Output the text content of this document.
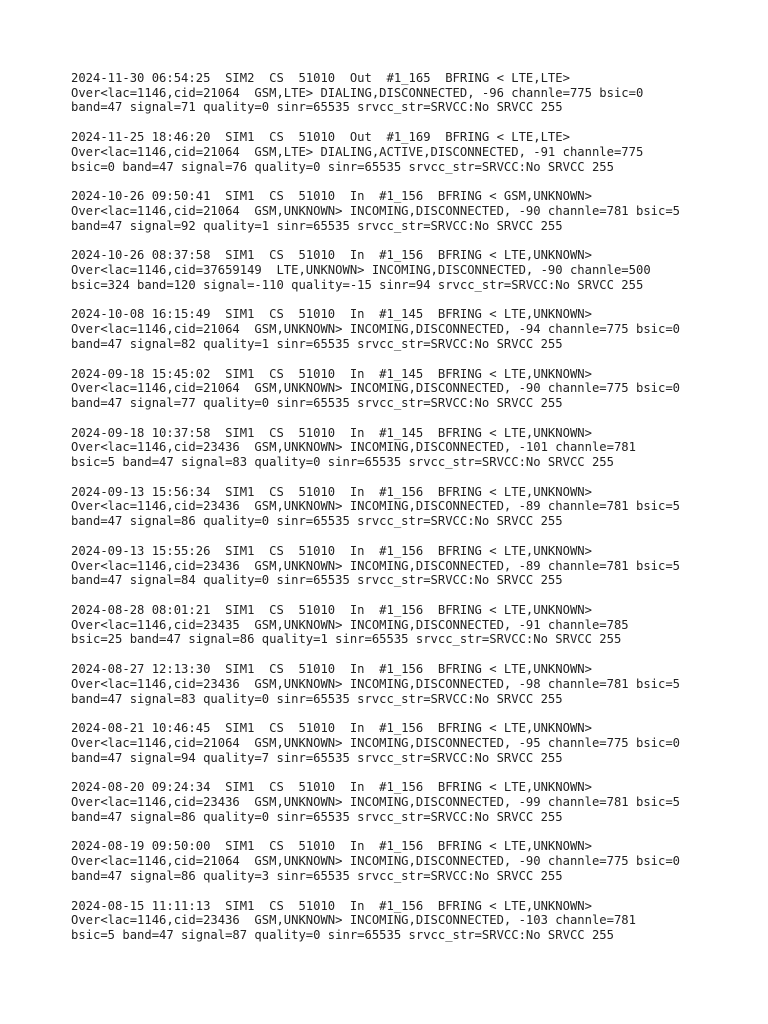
2024-11-30 06:54:25  SIM2  CS  51010  Out  #1_165  BFRING < LTE,LTE>
Over<lac=1146,cid=21064  GSM,LTE> DIALING,DISCONNECTED, -96 channle=775 bsic=0
band=47 signal=71 quality=0 sinr=65535 srvcc_str=SRVCC:No SRVCC 255
2024-11-25 18:46:20  SIM1  CS  51010  Out  #1_169  BFRING < LTE,LTE>
Over<lac=1146,cid=21064  GSM,LTE> DIALING,ACTIVE,DISCONNECTED, -91 channle=775
bsic=0 band=47 signal=76 quality=0 sinr=65535 srvcc_str=SRVCC:No SRVCC 255
2024-10-26 09:50:41  SIM1  CS  51010  In  #1_156  BFRING < GSM,UNKNOWN>
Over<lac=1146,cid=21064  GSM,UNKNOWN> INCOMING,DISCONNECTED, -90 channle=781 bsic=5
band=47 signal=92 quality=1 sinr=65535 srvcc_str=SRVCC:No SRVCC 255
2024-10-26 08:37:58  SIM1  CS  51010  In  #1_156  BFRING < LTE,UNKNOWN>
Over<lac=1146,cid=37659149  LTE,UNKNOWN> INCOMING,DISCONNECTED, -90 channle=500
bsic=324 band=120 signal=-110 quality=-15 sinr=94 srvcc_str=SRVCC:No SRVCC 255
2024-10-08 16:15:49  SIM1  CS  51010  In  #1_145  BFRING < LTE,UNKNOWN>
Over<lac=1146,cid=21064  GSM,UNKNOWN> INCOMING,DISCONNECTED, -94 channle=775 bsic=0
band=47 signal=82 quality=1 sinr=65535 srvcc_str=SRVCC:No SRVCC 255
2024-09-18 15:45:02  SIM1  CS  51010  In  #1_145  BFRING < LTE,UNKNOWN>
Over<lac=1146,cid=21064  GSM,UNKNOWN> INCOMING,DISCONNECTED, -90 channle=775 bsic=0
band=47 signal=77 quality=0 sinr=65535 srvcc_str=SRVCC:No SRVCC 255
2024-09-18 10:37:58  SIM1  CS  51010  In  #1_145  BFRING < LTE,UNKNOWN>
Over<lac=1146,cid=23436  GSM,UNKNOWN> INCOMING,DISCONNECTED, -101 channle=781
bsic=5 band=47 signal=83 quality=0 sinr=65535 srvcc_str=SRVCC:No SRVCC 255
2024-09-13 15:56:34  SIM1  CS  51010  In  #1_156  BFRING < LTE,UNKNOWN>
Over<lac=1146,cid=23436  GSM,UNKNOWN> INCOMING,DISCONNECTED, -89 channle=781 bsic=5
band=47 signal=86 quality=0 sinr=65535 srvcc_str=SRVCC:No SRVCC 255
2024-09-13 15:55:26  SIM1  CS  51010  In  #1_156  BFRING < LTE,UNKNOWN>
Over<lac=1146,cid=23436  GSM,UNKNOWN> INCOMING,DISCONNECTED, -89 channle=781 bsic=5
band=47 signal=84 quality=0 sinr=65535 srvcc_str=SRVCC:No SRVCC 255
2024-08-28 08:01:21  SIM1  CS  51010  In  #1_156  BFRING < LTE,UNKNOWN>
Over<lac=1146,cid=23435  GSM,UNKNOWN> INCOMING,DISCONNECTED, -91 channle=785
bsic=25 band=47 signal=86 quality=1 sinr=65535 srvcc_str=SRVCC:No SRVCC 255
2024-08-27 12:13:30  SIM1  CS  51010  In  #1_156  BFRING < LTE,UNKNOWN>
Over<lac=1146,cid=23436  GSM,UNKNOWN> INCOMING,DISCONNECTED, -98 channle=781 bsic=5
band=47 signal=83 quality=0 sinr=65535 srvcc_str=SRVCC:No SRVCC 255
2024-08-21 10:46:45  SIM1  CS  51010  In  #1_156  BFRING < LTE,UNKNOWN>
Over<lac=1146,cid=21064  GSM,UNKNOWN> INCOMING,DISCONNECTED, -95 channle=775 bsic=0
band=47 signal=94 quality=7 sinr=65535 srvcc_str=SRVCC:No SRVCC 255
2024-08-20 09:24:34  SIM1  CS  51010  In  #1_156  BFRING < LTE,UNKNOWN>
Over<lac=1146,cid=23436  GSM,UNKNOWN> INCOMING,DISCONNECTED, -99 channle=781 bsic=5
band=47 signal=86 quality=0 sinr=65535 srvcc_str=SRVCC:No SRVCC 255
2024-08-19 09:50:00  SIM1  CS  51010  In  #1_156  BFRING < LTE,UNKNOWN>
Over<lac=1146,cid=21064  GSM,UNKNOWN> INCOMING,DISCONNECTED, -90 channle=775 bsic=0
band=47 signal=86 quality=3 sinr=65535 srvcc_str=SRVCC:No SRVCC 255
2024-08-15 11:11:13  SIM1  CS  51010  In  #1_156  BFRING < LTE,UNKNOWN>
Over<lac=1146,cid=23436  GSM,UNKNOWN> INCOMING,DISCONNECTED, -103 channle=781
bsic=5 band=47 signal=87 quality=0 sinr=65535 srvcc_str=SRVCC:No SRVCC 255
